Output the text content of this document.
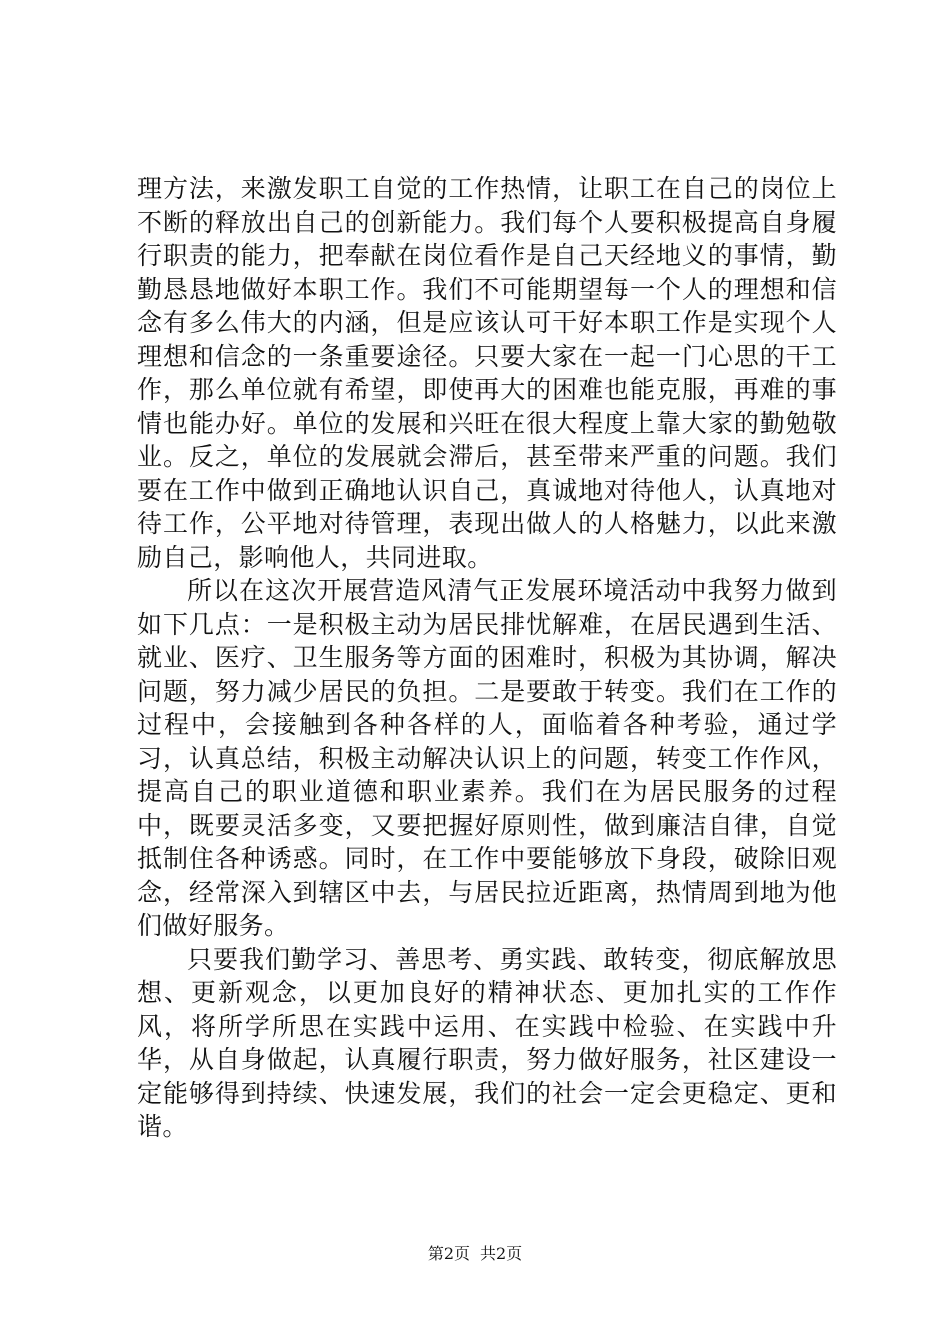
理方法，来激发职工自觉的工作热情，让职工在自己的岗位上不断的释放出自己的创新能力。我们每个人要积极提高自身履行职责的能力，把奉献在岗位看作是自己天经地义的事情，勤勤恳恳地做好本职工作。我们不可能期望每一个人的理想和信念有多么伟大的内涵，但是应该认可干好本职工作是实现个人理想和信念的一条重要途径。只要大家在一起一门心思的干工作，那么单位就有希望，即使再大的困难也能克服，再难的事情也能办好。单位的发展和兴旺在很大程度上靠大家的勤勉敬业。反之，单位的发展就会滞后，甚至带来严重的问题。我们要在工作中做到正确地认识自己，真诚地对待他人，认真地对待工作，公平地对待管理，表现出做人的人格魅力，以此来激励自己，影响他人，共同进取。

所以在这次开展营造风清气正发展环境活动中我努力做到如下几点：一是积极主动为居民排忧解难，在居民遇到生活、就业、医疗、卫生服务等方面的困难时，积极为其协调，解决问题，努力减少居民的负担。二是要敢于转变。我们在工作的过程中，会接触到各种各样的人，面临着各种考验，通过学习，认真总结，积极主动解决认识上的问题，转变工作作风，提高自己的职业道德和职业素养。我们在为居民服务的过程中，既要灵活多变，又要把握好原则性，做到廉洁自律，自觉抵制住各种诱惑。同时，在工作中要能够放下身段，破除旧观念，经常深入到辖区中去，与居民拉近距离，热情周到地为他们做好服务。

只要我们勤学习、善思考、勇实践、敢转变，彻底解放思想、更新观念，以更加良好的精神状态、更加扎实的工作作风，将所学所思在实践中运用、在实践中检验、在实践中升华，从自身做起，认真履行职责，努力做好服务，社区建设一定能够得到持续、快速发展，我们的社会一定会更稳定、更和谐。

第2页 共2页
